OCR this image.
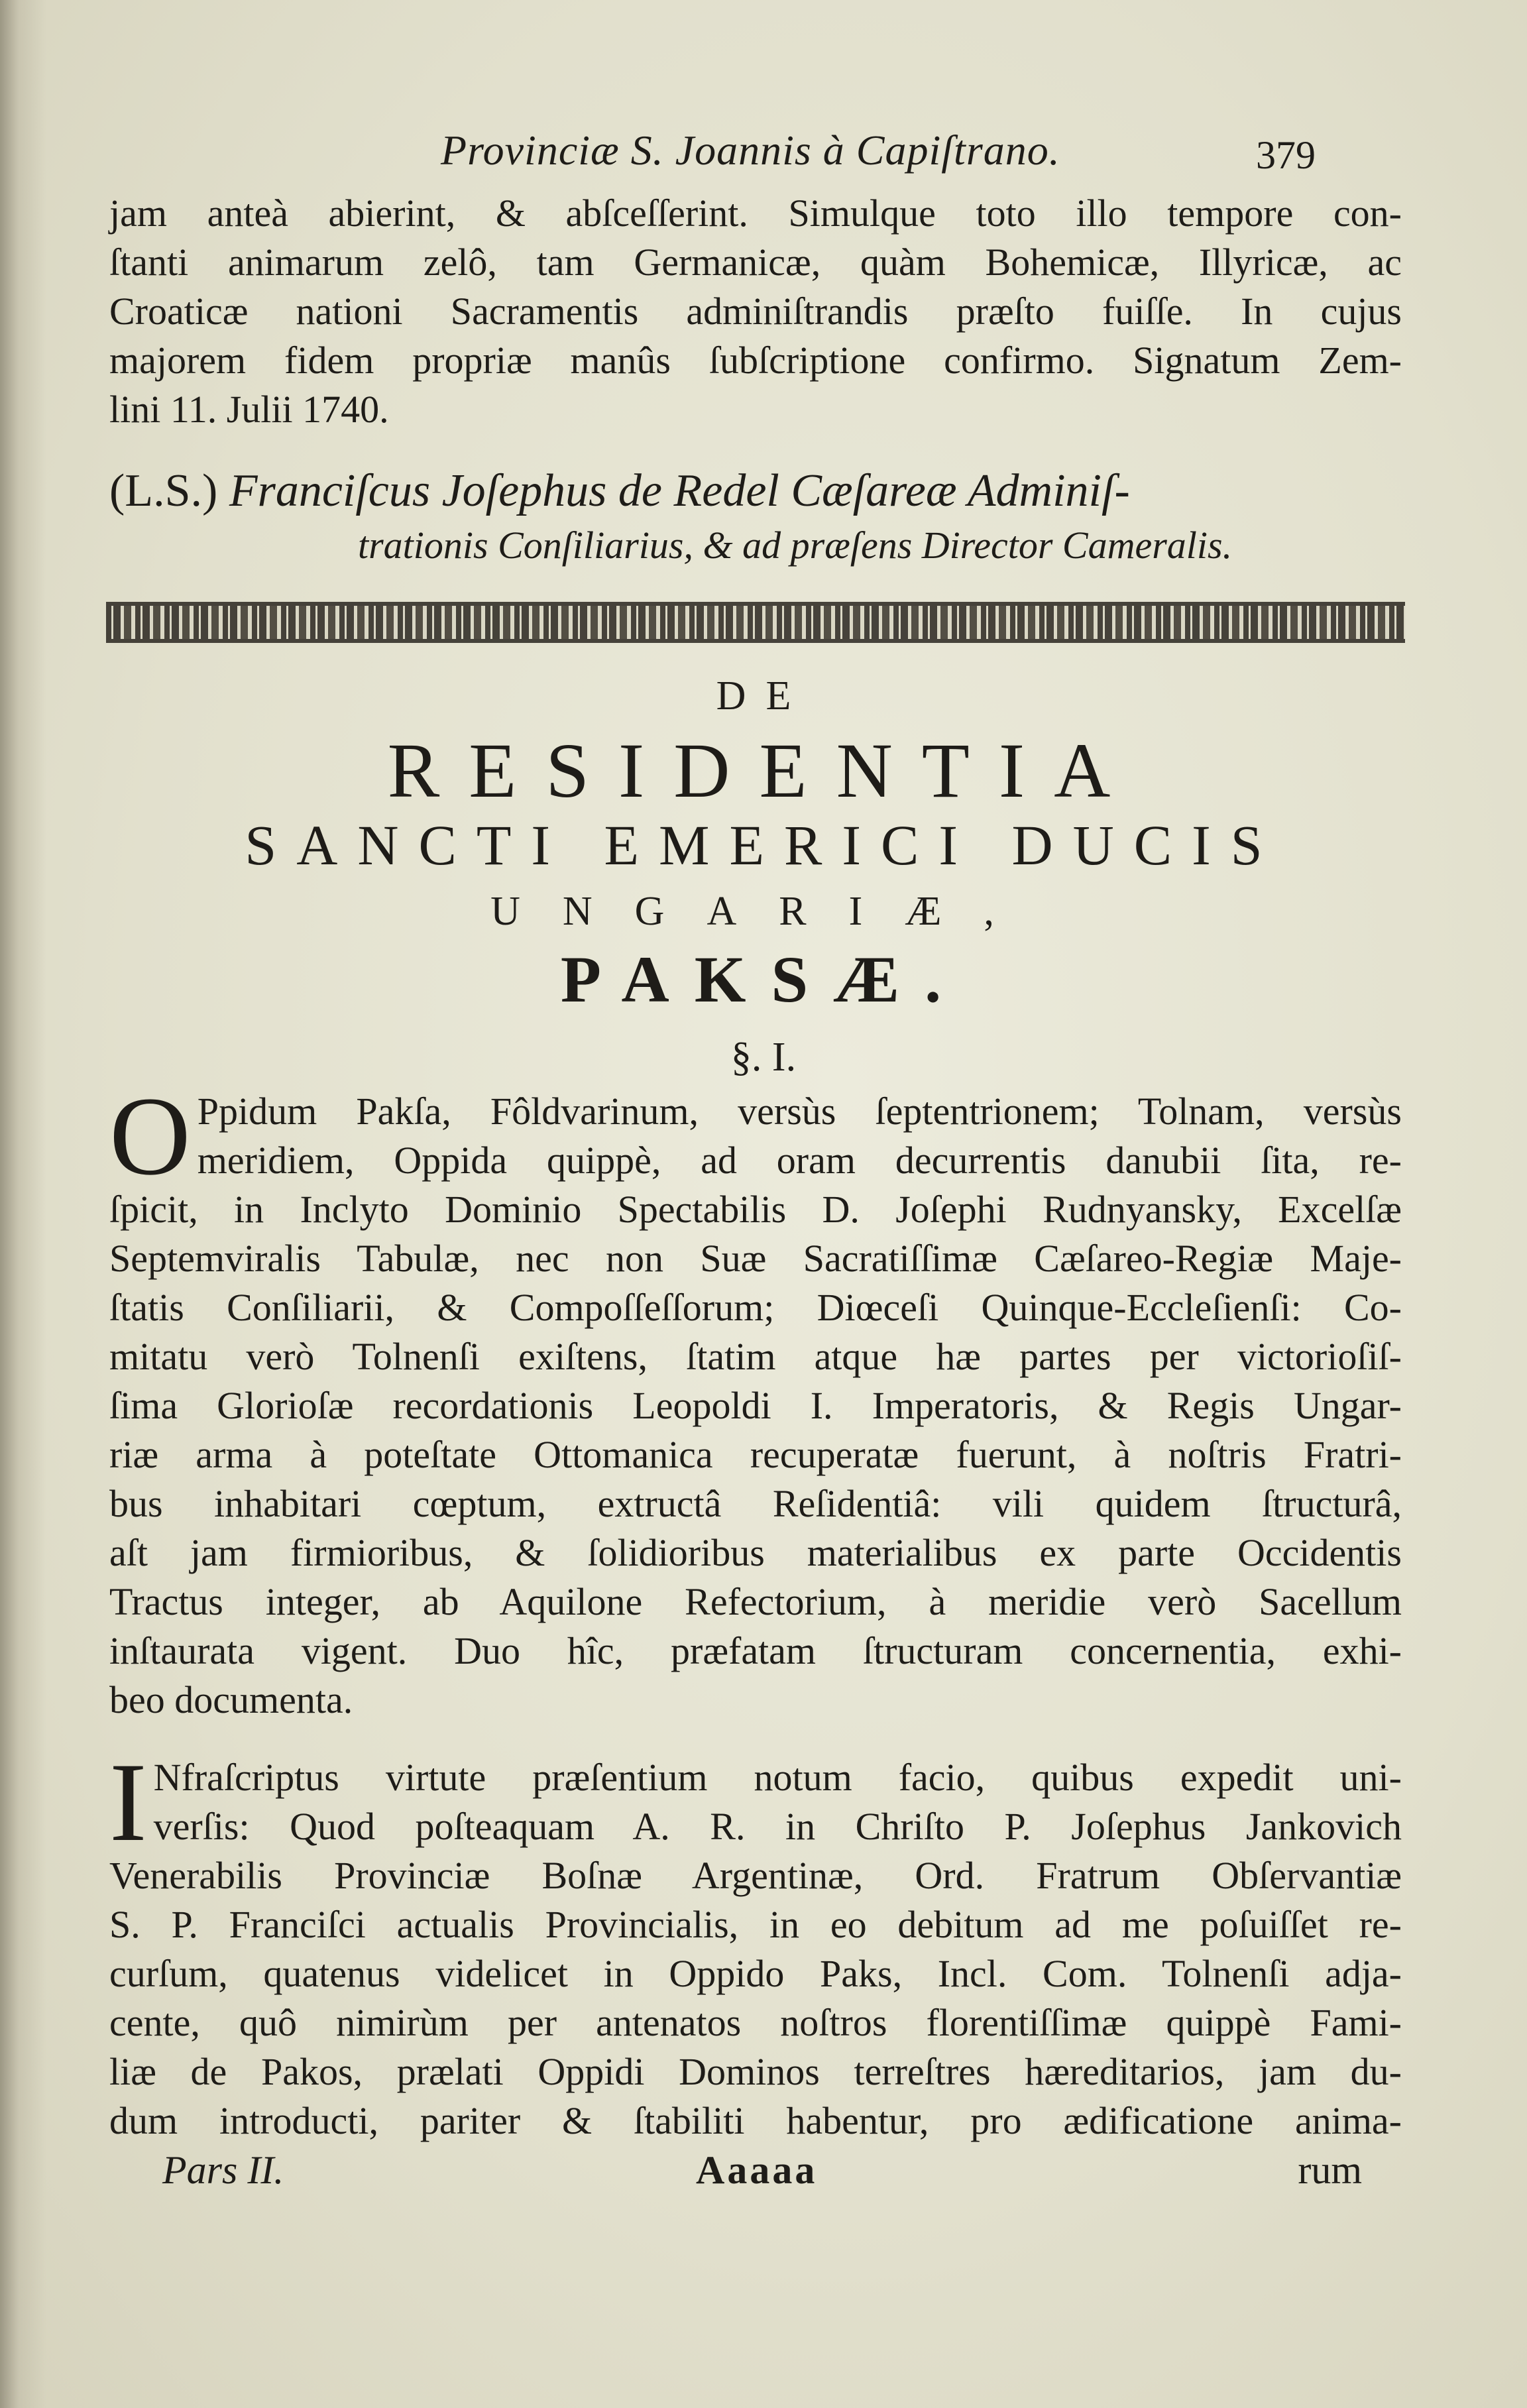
Provinciæ S. Joannis à Capiſtrano.	379
jam anteà abierint, & abſceſſerint. Simulque toto illo tempore con-
ſtanti animarum zelô, tam Germanicæ, quàm Bohemicæ, Illyricæ, ac
Croaticæ nationi Sacramentis adminiſtrandis præſto fuiſſe. In cujus
majorem fidem propriæ manûs ſubſcriptione confirmo. Signatum Zem-
lini 11. Julii 1740.
(L.S.) Franciſcus Joſephus de Redel Cæſareæ Adminiſ-
trationis Conſiliarius, & ad præſens Director Cameralis.
DE
RESIDENTIA
SANCTI EMERICI DUCIS
UNGARIÆ,
PAKSÆ.
§. I.
O Ppidum Pakſa, Fôldvarinum, versùs ſeptentrionem; Tolnam, versùs
meridiem, Oppida quippè, ad oram decurrentis danubii ſita, re-
ſpicit, in Inclyto Dominio Spectabilis D. Joſephi Rudnyansky, Excelſæ
Septemviralis Tabulæ, nec non Suæ Sacratiſſimæ Cæſareo-Regiæ Maje-
ſtatis Conſiliarii, & Compoſſeſſorum; Diœceſi Quinque-Eccleſienſi: Co-
mitatu verò Tolnenſi exiſtens, ſtatim atque hæ partes per victorioſiſ-
ſima Glorioſæ recordationis Leopoldi I. Imperatoris, & Regis Ungar-
riæ arma à poteſtate Ottomanica recuperatæ fuerunt, à noſtris Fratri-
bus inhabitari cœptum, extructâ Reſidentiâ: vili quidem ſtructurâ,
aſt jam firmioribus, & ſolidioribus materialibus ex parte Occidentis
Tractus integer, ab Aquilone Refectorium, à meridie verò Sacellum
inſtaurata vigent. Duo hîc, præfatam ſtructuram concernentia, exhi-
beo documenta.
I Nfraſcriptus virtute præſentium notum facio, quibus expedit uni-
verſis: Quod poſteaquam A. R. in Chriſto P. Joſephus Jankovich
Venerabilis Provinciæ Boſnæ Argentinæ, Ord. Fratrum Obſervantiæ
S. P. Franciſci actualis Provincialis, in eo debitum ad me poſuiſſet re-
curſum, quatenus videlicet in Oppido Paks, Incl. Com. Tolnenſi adja-
cente, quô nimirùm per antenatos noſtros florentiſſimæ quippè Fami-
liæ de Pakos, prælati Oppidi Dominos terreſtres hæreditarios, jam du-
dum introducti, pariter & ſtabiliti habentur, pro ædificatione anima-
Pars II.	Aaaaa	rum
